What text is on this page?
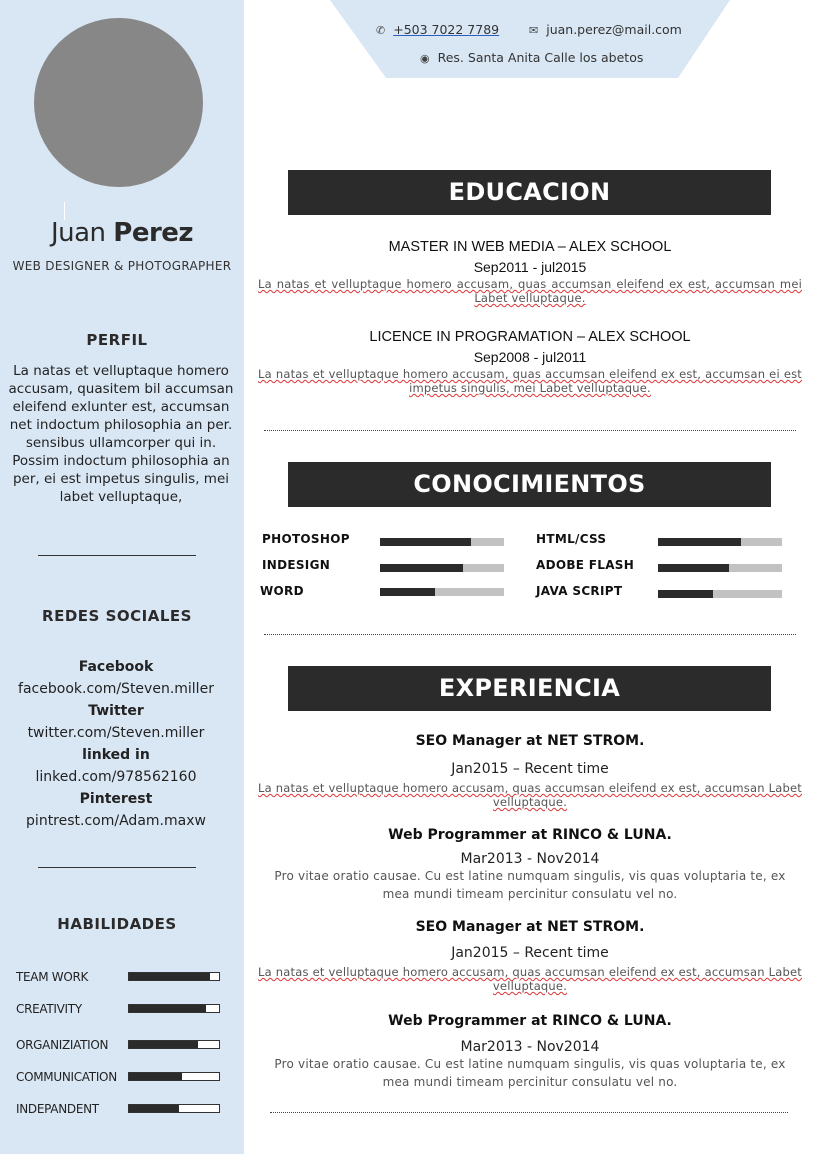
Juan Perez
WEB DESIGNER & PHOTOGRAPHER
PERFIL
La natas et velluptaque homero accusam, quasitem bil accumsan eleifend exlunter est, accumsan net indoctum philosophia an per. sensibus ullamcorper qui in. Possim indoctum philosophia an per, ei est impetus singulis, mei labet velluptaque,
REDES SOCIALES
Facebook
facebook.com/Steven.miller
Twitter
twitter.com/Steven.miller
linked in
linked.com/978562160
Pinterest
pintrest.com/Adam.maxw
HABILIDADES
TEAM WORK
CREATIVITY
ORGANIZIATION
COMMUNICATION
INDEPANDENT
✆ +503 7022 7789	✉ juan.perez@mail.com
◉ Res. Santa Anita Calle los abetos
EDUCACION
MASTER IN WEB MEDIA – ALEX SCHOOL
Sep2011 - jul2015
La natas et velluptaque homero accusam, quas accumsan eleifend ex est, accumsan mei Labet velluptaque.
LICENCE IN PROGRAMATION – ALEX SCHOOL
Sep2008 - jul2011
La natas et velluptaque homero accusam, quas accumsan eleifend ex est, accumsan ei est impetus singulis, mei Labet velluptaque.
CONOCIMIENTOS
PHOTOSHOP	HTML/CSS
INDESIGN	ADOBE FLASH
WORD	JAVA SCRIPT
EXPERIENCIA
SEO Manager at NET STROM.
Jan2015 – Recent time
La natas et velluptaque homero accusam, quas accumsan eleifend ex est, accumsan Labet velluptaque.
Web Programmer at RINCO & LUNA.
Mar2013 - Nov2014
Pro vitae oratio causae. Cu est latine numquam singulis, vis quas voluptaria te, ex mea mundi timeam percinitur consulatu vel no.
SEO Manager at NET STROM.
Jan2015 – Recent time
La natas et velluptaque homero accusam, quas accumsan eleifend ex est, accumsan Labet velluptaque.
Web Programmer at RINCO & LUNA.
Mar2013 - Nov2014
Pro vitae oratio causae. Cu est latine numquam singulis, vis quas voluptaria te, ex mea mundi timeam percinitur consulatu vel no.
